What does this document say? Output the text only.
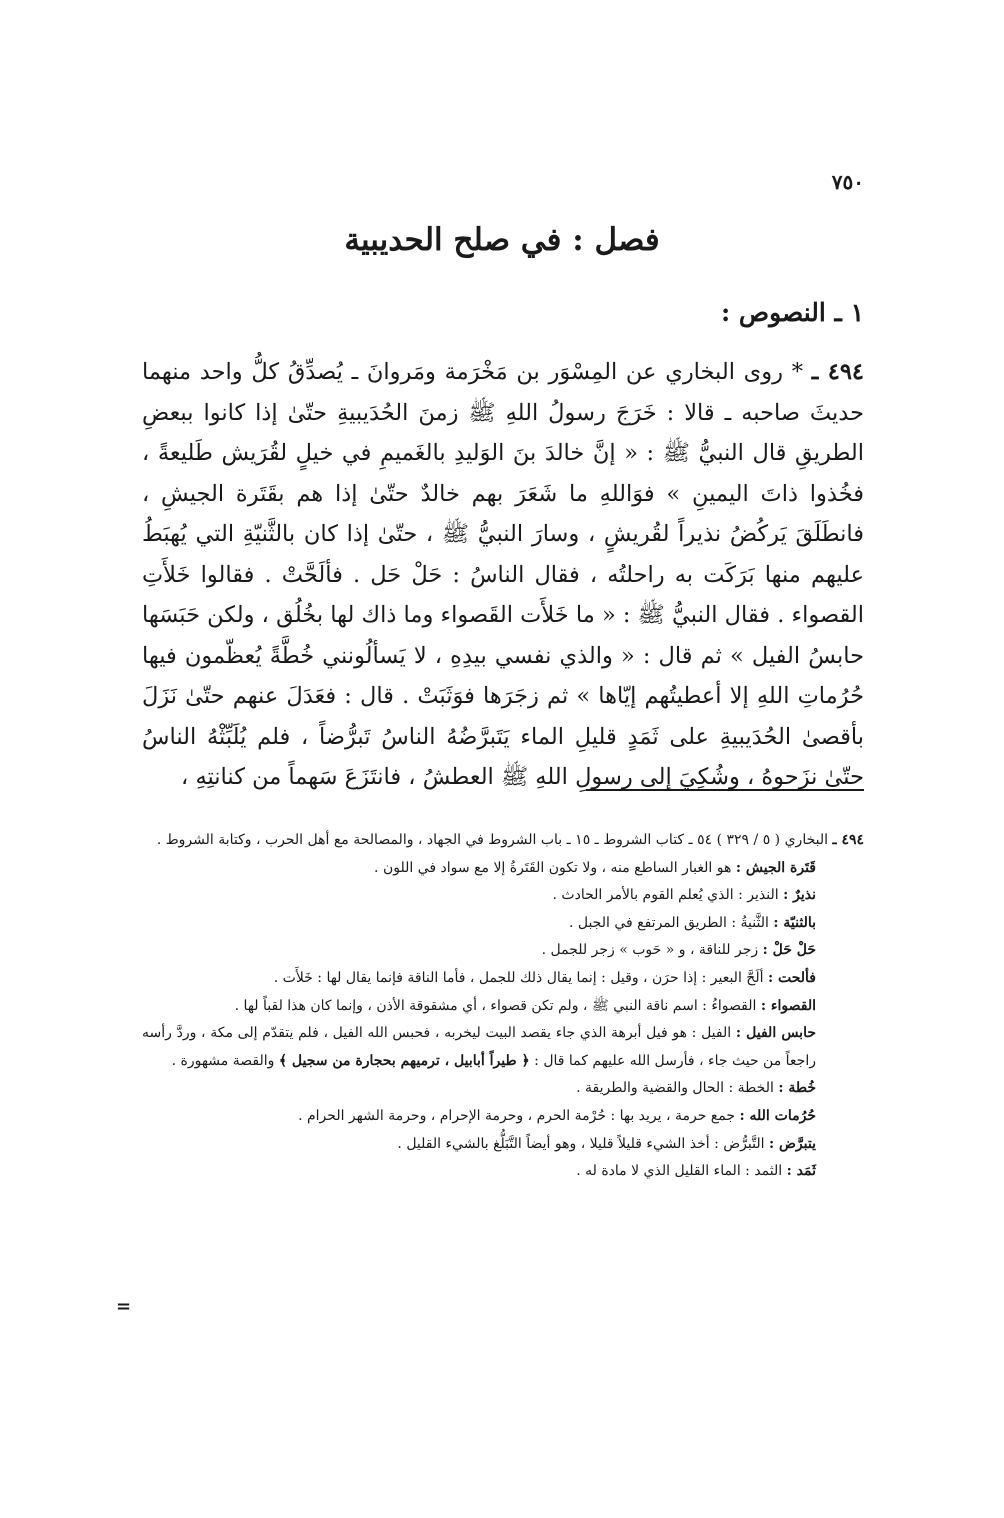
٧٥٠
فصل : في صلح الحديبية
١ ـ النصوص :

٤٩٤ ـ * روى البخاري عن المِسْوَر بن مَخْرَمة ومَروانَ ـ يُصدِّقُ كلُّ واحد منهما حديثَ صاحبه ـ قالا : خَرَجَ رسولُ اللهِ ﷺ زمنَ الحُدَيبيةِ حتّىٰ إذا كانوا ببعضِ الطريقِ قال النبيُّ ﷺ : « إنَّ خالدَ بنَ الوَليدِ بالغَميمِ في خيلٍ لقُرَيش طَليعةً ، فخُذوا ذاتَ اليمينِ » فوَاللهِ ما شَعَرَ بهم خالدٌ حتّىٰ إذا هم بقَتَرة الجيشِ ، فانطَلَقَ يَركُضُ نذيراً لقُريشٍ ، وسارَ النبيُّ ﷺ ، حتّىٰ إذا كان بالثَّنيّةِ التي يُهبَطُ عليهم منها بَرَكَت به راحلتُه ، فقال الناسُ : حَلْ حَل . فألَحَّتْ . فقالوا خَلأَتِ القصواء . فقال النبيُّ ﷺ : « ما خَلأَت القَصواء وما ذاك لها بخُلُق ، ولكن حَبَسَها حابسُ الفيل » ثم قال : « والذي نفسي بيدِهِ ، لا يَسألُونني خُطَّةً يُعظّمون فيها حُرُماتِ اللهِ إلا أعطيتُهم إيّاها » ثم زجَرَها فوَثَبَتْ . قال : فعَدَلَ عنهم حتّىٰ نَزَلَ بأقصىٰ الحُدَيبيةِ على ثَمَدٍ قليلِ الماء يَتَبرَّضُهُ الناسُ تَبرُّضاً ، فلم يُلَبِّثْهُ الناسُ حتّىٰ نزَحوهُ ، وشُكِيَ إلى رسولِ اللهِ ﷺ العطشُ ، فانتَزَعَ سَهماً من كنانتِهِ ،

٤٩٤ ـ البخاري ( ٥ / ٣٢٩ ) ٥٤ ـ كتاب الشروط ـ ١٥ ـ باب الشروط في الجهاد ، والمصالحة مع أهل الحرب ، وكتابة الشروط .

قَتَرة الجيش : هو الغبار الساطع منه ، ولا تكون القَتَرةُ إلا مع سواد في اللون .

نذيرٌ : النذير : الذي يُعلم القوم بالأمر الحادث .

بالثنيّة : الثَّنيةُ : الطريق المرتفع في الجبل .

حَلْ حَلْ : زجر للناقة ، و « حَوب » زجر للجمل .

فألحت : ألَحَّ البعير : إذا حرَن ، وقيل : إنما يقال ذلك للجمل ، فأما الناقة فإنما يقال لها : خَلأَت .

القصواء : القصواءُ : اسم ناقة النبي ﷺ ، ولم تكن قصواء ، أي مشقوقة الأذن ، وإنما كان هذا لقباً لها .

حابس الفيل : الفيل : هو فيل أبرهة الذي جاء يقصد البيت ليخربه ، فحبس الله الفيل ، فلم يتقدّم إلى مكة ، وردَّ رأسه راجعاً من حيث جاء ، فأرسل الله عليهم كما قال : ﴿ طيراً أبابيل ، ترميهم بحجارة من سجيل ﴾ والقصة مشهورة .

خُطة : الخطة : الحال والقضية والطريقة .

حُرُمات الله : جمع حرمة ، يريد بها : حُرْمة الحرم ، وحرمة الإحرام ، وحرمة الشهر الحرام .

يتبرَّض : التَّبرُّض : أخذ الشيء قليلاً قليلا ، وهو أيضاً التَّبَلُّغ بالشيء القليل .

ثَمَد : الثمد : الماء القليل الذي لا مادة له .

=
